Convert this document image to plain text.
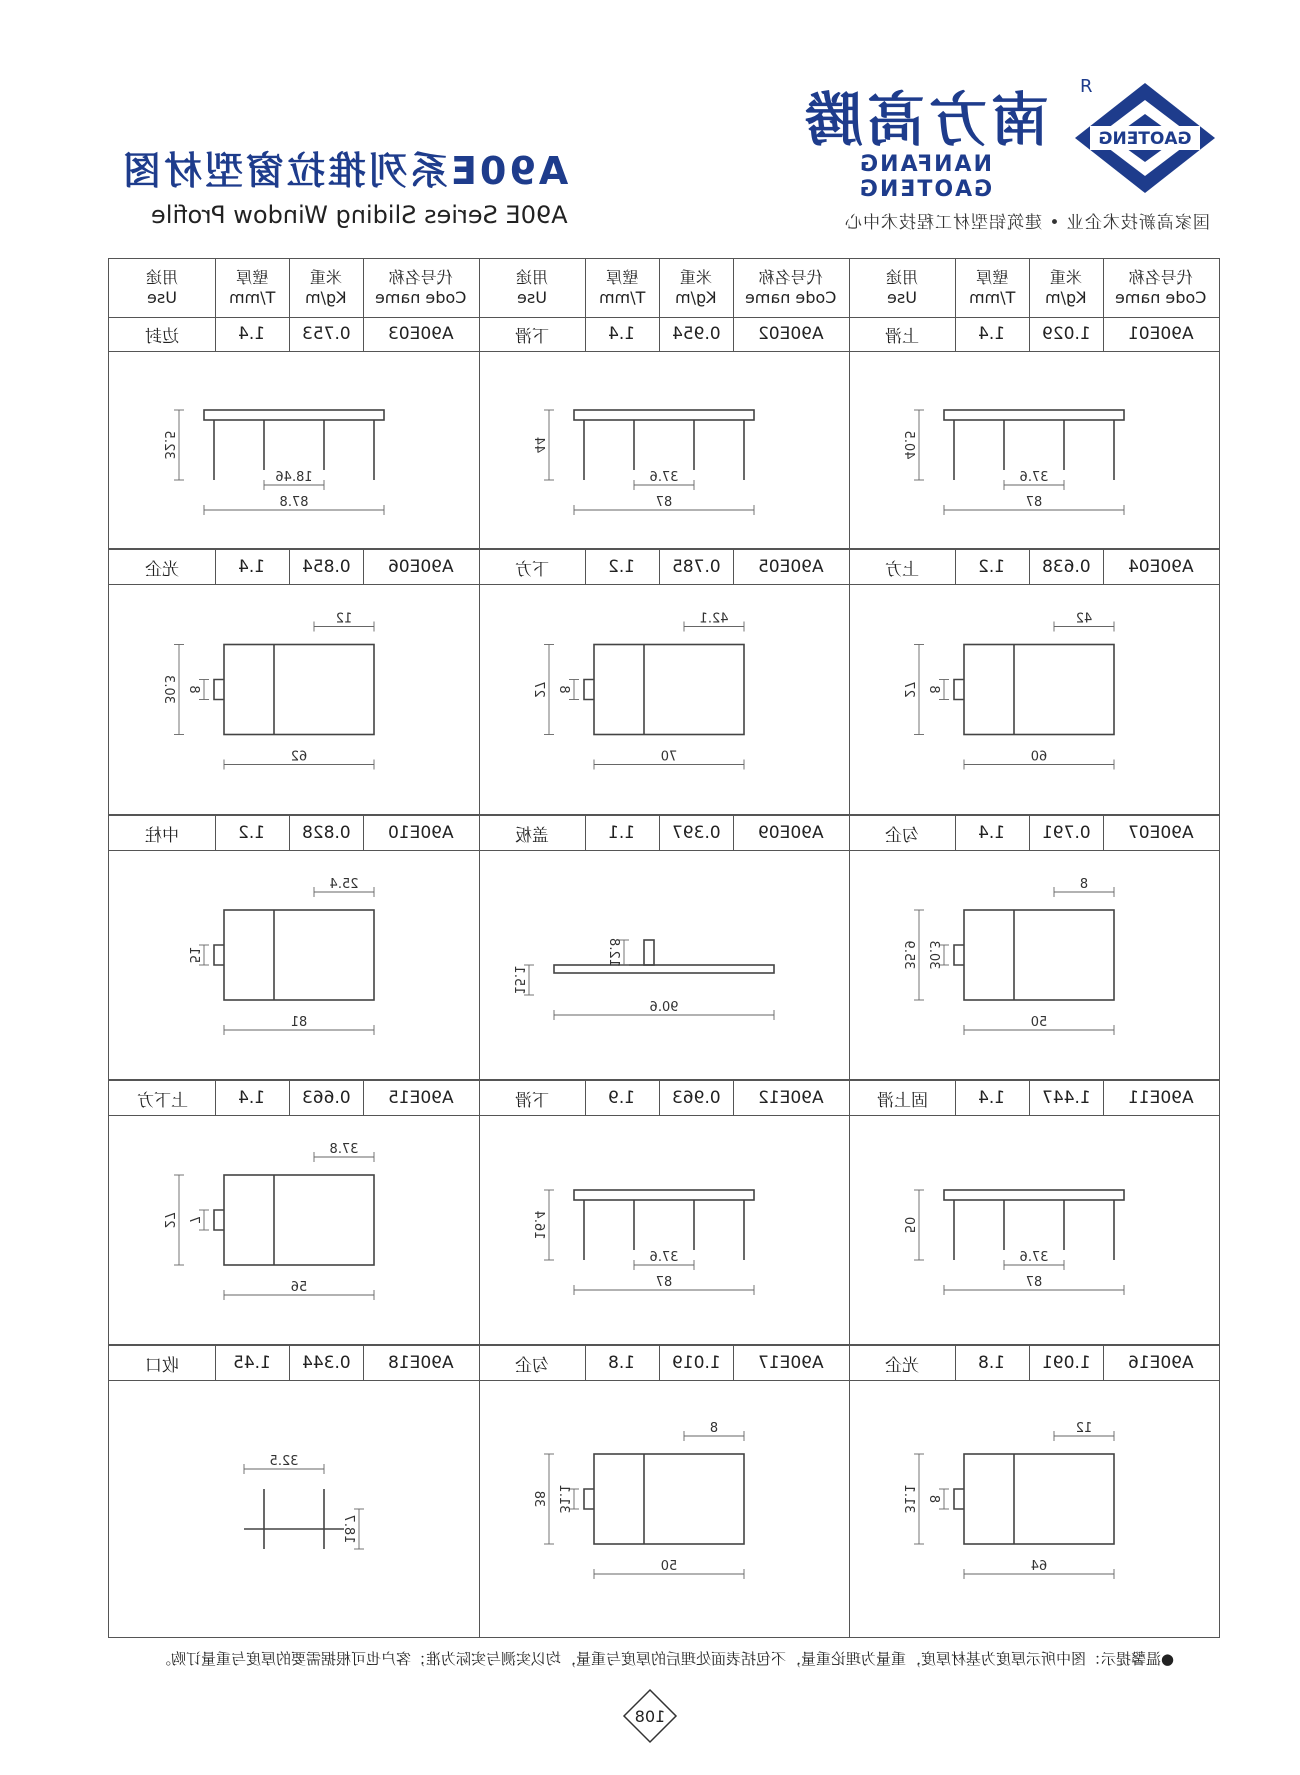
GAOTENG
R
南方高腾
NANFANG GAOTENG
A90E系列推拉窗型材图
A90E Series Sliding Window Profile	国家高新技术企业 • 建筑铝型材工程技术中心
代号名称
Code name
米重
Kg/m
壁厚
T/mm
用途
Use
代号名称
Code name
米重
Kg/m
壁厚
T/mm
用途
Use
代号名称
Code name
米重
Kg/m
壁厚
T/mm
用途
Use
A90E01
1.029
1.4
上滑
87
37.6
40.5
A90E02
0.954
1.4
下滑
87
37.6
44
A90E03
0.753
1.4
边封
87.8
18.46
32.5
A90E04
0.638
1.2
上方
60
42
8
27
A90E05
0.785
1.2
下方
70
42.1
8
27
A90E06
0.854
1.4
光企
62
12
8
30.3
A90E07
0.791
1.4
勾企
50
8
30.3
35.9
A90E09
0.397
1.1
盖板
90.6
12.8
15.1
A90E10
0.828
1.2
中柱
81
25.4
51
A90E11
1.447
1.4
固上滑
87
37.6
50
A90E12
0.963
1.9
下滑
87
37.6
16.4
A90E15
0.663
1.4
上下方
56
37.8
7
27
A90E16
1.091
1.8
光企
64
12
8
31.1
A90E17
1.019
1.8
勾企
50
8
31.1
38
A90E18
0.344
1.45
收口
32.5
18.7
●温馨提示：图中所示厚度为基材厚度，重量为理论重量，不包括表面处理后的厚度与重量，均以实测与实际为准；客户也可根据需要的厚度与重量订购。
108
